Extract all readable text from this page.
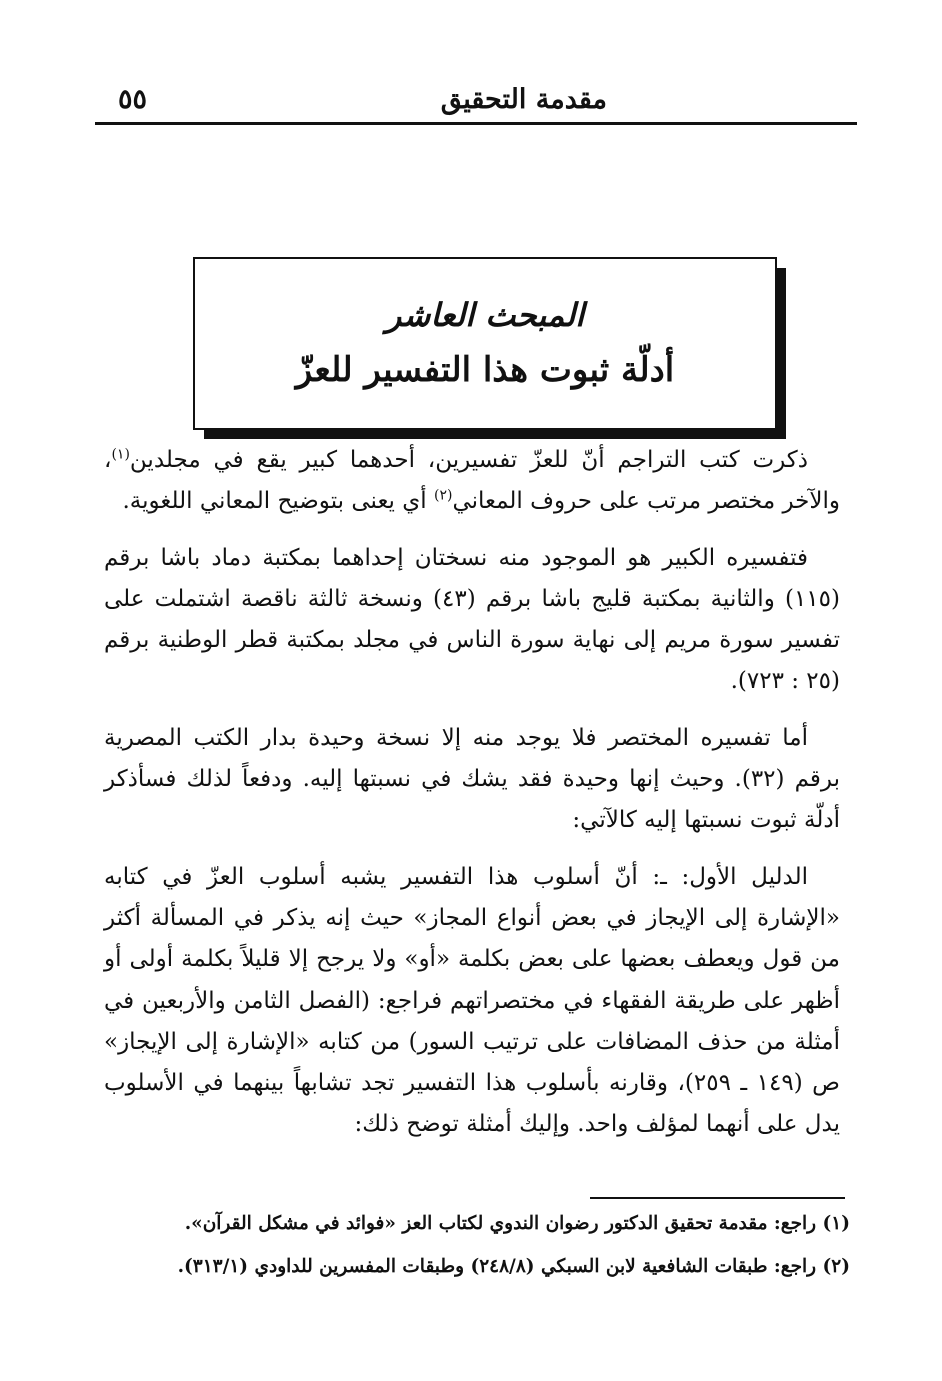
مقدمة التحقيق
٥٥
المبحث العاشر
أدلّة ثبوت هذا التفسير للعزّ

ذكرت كتب التراجم أنّ للعزّ تفسيرين، أحدهما كبير يقع في مجلدين$^{(١)}$، والآخر مختصر مرتب على حروف المعاني$^{(٢)}$ أي يعنى بتوضيح المعاني اللغوية.

فتفسيره الكبير هو الموجود منه نسختان إحداهما بمكتبة دماد باشا برقم (١١٥) والثانية بمكتبة قليج باشا برقم (٤٣) ونسخة ثالثة ناقصة اشتملت على تفسير سورة مريم إلى نهاية سورة الناس في مجلد بمكتبة قطر الوطنية برقم (٢٥ : ٧٢٣).

أما تفسيره المختصر فلا يوجد منه إلا نسخة وحيدة بدار الكتب المصرية برقم (٣٢). وحيث إنها وحيدة فقد يشك في نسبتها إليه. ودفعاً لذلك فسأذكر أدلّة ثبوت نسبتها إليه كالآتي:

الدليل الأول: ـ: أنّ أسلوب هذا التفسير يشبه أسلوب العزّ في كتابه «الإشارة إلى الإيجاز في بعض أنواع المجاز» حيث إنه يذكر في المسألة أكثر من قول ويعطف بعضها على بعض بكلمة «أو» ولا يرجح إلا قليلاً بكلمة أولى أو أظهر على طريقة الفقهاء في مختصراتهم فراجع: (الفصل الثامن والأربعين في أمثلة من حذف المضافات على ترتيب السور) من كتابه «الإشارة إلى الإيجاز» ص (١٤٩ ـ ٢٥٩)، وقارنه بأسلوب هذا التفسير تجد تشابهاً بينهما في الأسلوب يدل على أنهما لمؤلف واحد. وإليك أمثلة توضح ذلك:

(١) راجع: مقدمة تحقيق الدكتور رضوان الندوي لكتاب العز «فوائد في مشكل القرآن».
(٢) راجع: طبقات الشافعية لابن السبكي (٢٤٨/٨) وطبقات المفسرين للداودي (٣١٣/١).
